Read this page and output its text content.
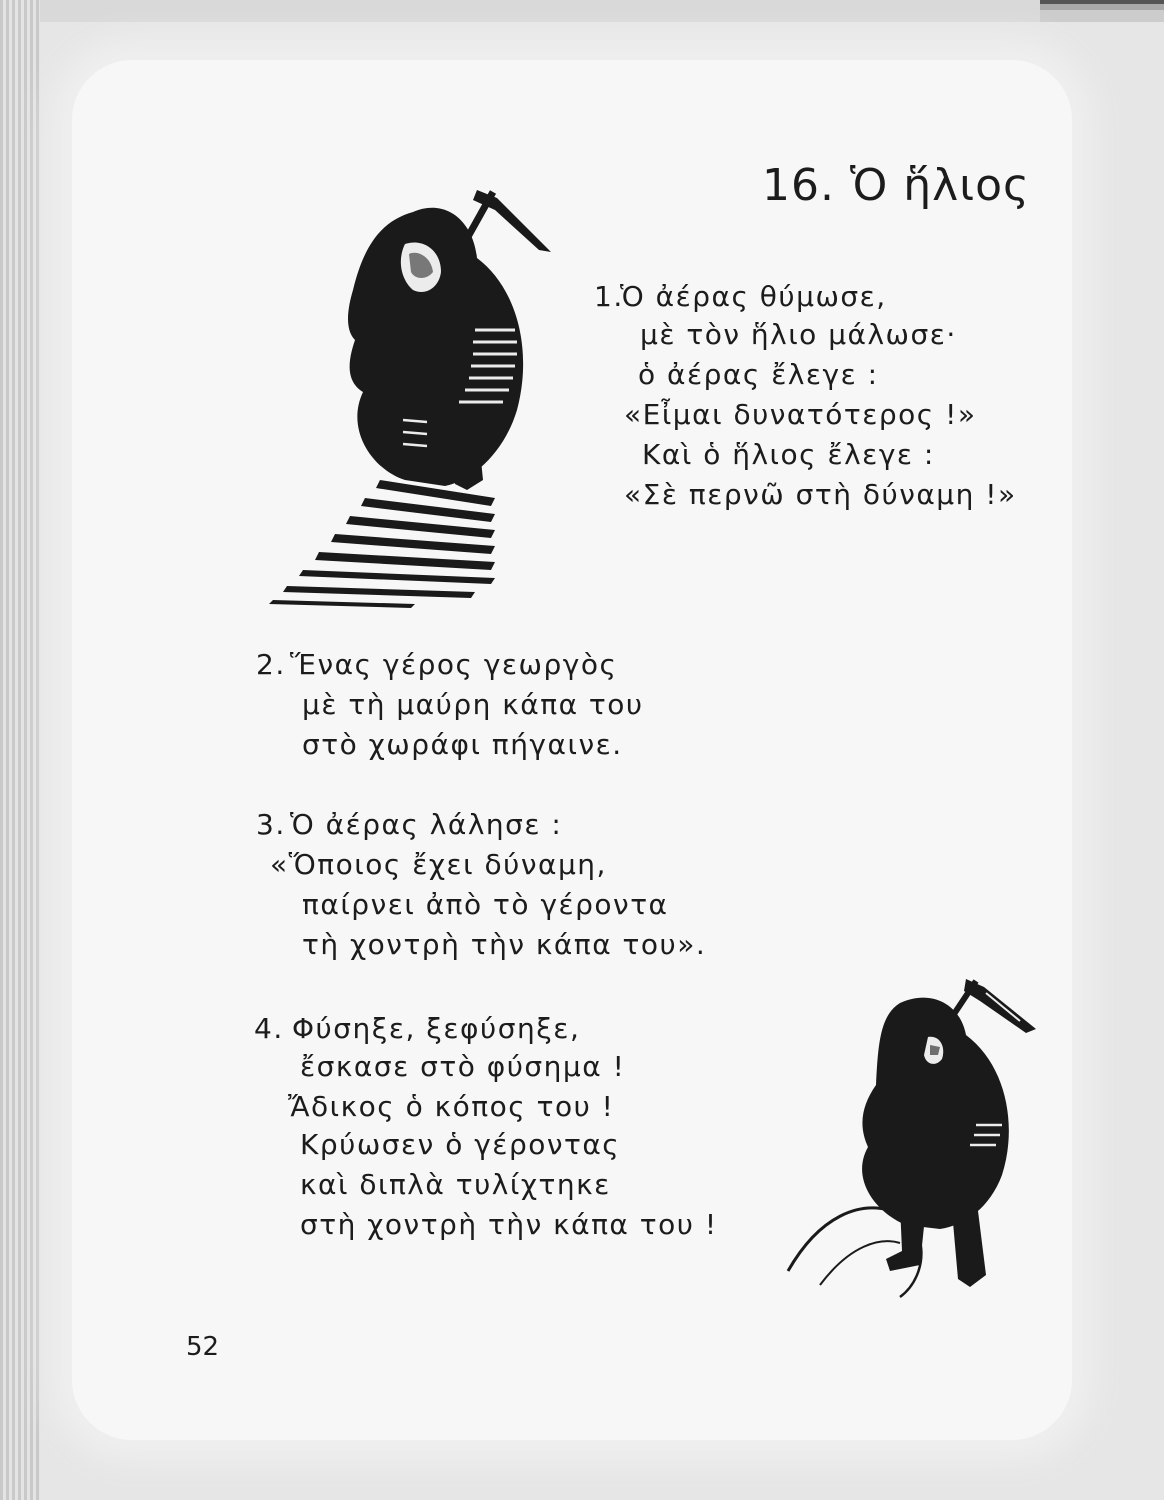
16. Ὁ ἥλιος
1.
Ὁ ἀέρας θύμωσε,
μὲ τὸν ἥλιο μάλωσε·
ὁ ἀέρας ἔλεγε :
«Εἶμαι δυνατότερος !»
Καὶ ὁ ἥλιος ἔλεγε :
«Σὲ περνῶ στὴ δύναμη !»
2. Ἕνας γέρος γεωργὸς
μὲ τὴ μαύρη κάπα του
στὸ χωράφι πήγαινε.
3. Ὁ ἀέρας λάλησε :
«Ὅποιος ἔχει δύναμη,
παίρνει ἀπὸ τὸ γέροντα
τὴ χοντρὴ τὴν κάπα του».
4. Φύσηξε, ξεφύσηξε,
ἔσκασε στὸ φύσημα !
Ἄδικος ὁ κόπος του !
Κρύωσεν ὁ γέροντας
καὶ διπλὰ τυλίχτηκε
στὴ χοντρὴ τὴν κάπα του !
52
